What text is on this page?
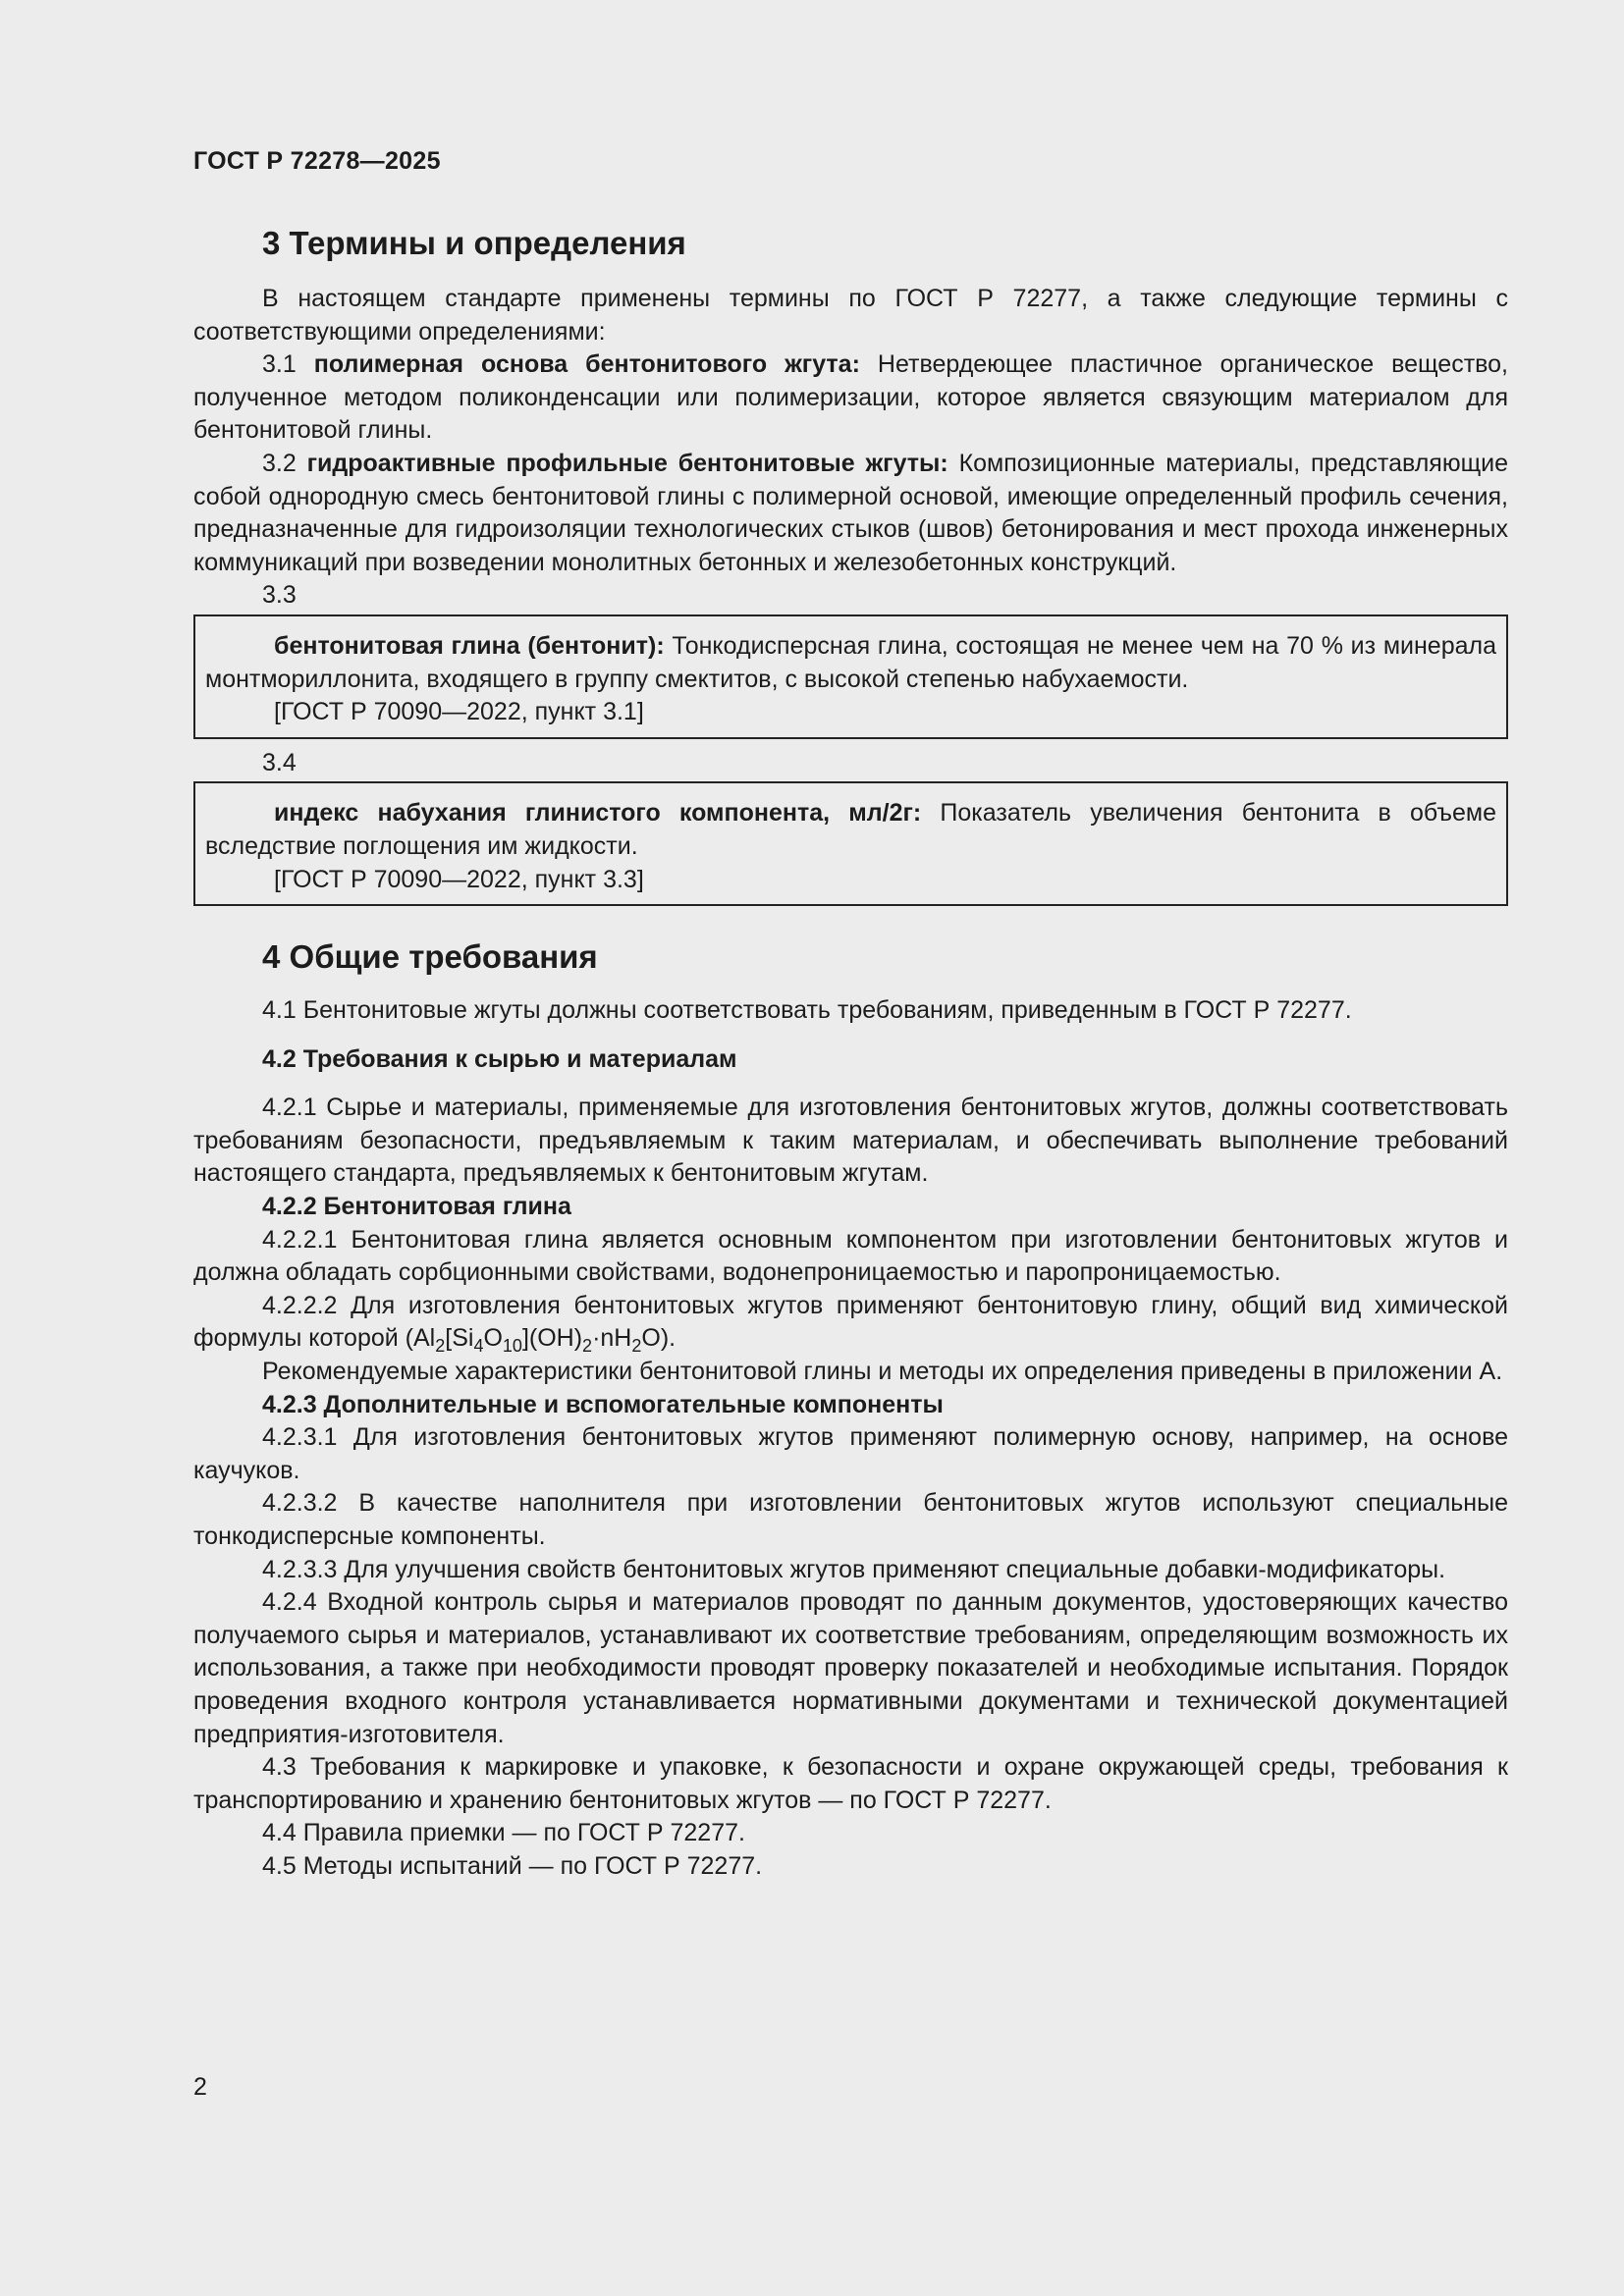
ГОСТ Р 72278—2025
3 Термины и определения

В настоящем стандарте применены термины по ГОСТ Р 72277, а также следующие термины с соответствующими определениями:

3.1 полимерная основа бентонитового жгута: Нетвердеющее пластичное органическое вещество, полученное методом поликонденсации или полимеризации, которое является связующим материалом для бентонитовой глины.

3.2 гидроактивные профильные бентонитовые жгуты: Композиционные материалы, представляющие собой однородную смесь бентонитовой глины с полимерной основой, имеющие определенный профиль сечения, предназначенные для гидроизоляции технологических стыков (швов) бетонирования и мест прохода инженерных коммуникаций при возведении монолитных бетонных и железобетонных конструкций.

3.3

бентонитовая глина (бентонит): Тонкодисперсная глина, состоящая не менее чем на 70 % из минерала монтмориллонита, входящего в группу смектитов, с высокой степенью набухаемости.

[ГОСТ Р 70090—2022, пункт 3.1]

3.4

индекс набухания глинистого компонента, мл/2г: Показатель увеличения бентонита в объеме вследствие поглощения им жидкости.

[ГОСТ Р 70090—2022, пункт 3.3]

4 Общие требования

4.1 Бентонитовые жгуты должны соответствовать требованиям, приведенным в ГОСТ Р 72277.

4.2 Требования к сырью и материалам

4.2.1 Сырье и материалы, применяемые для изготовления бентонитовых жгутов, должны соответствовать требованиям безопасности, предъявляемым к таким материалам, и обеспечивать выполнение требований настоящего стандарта, предъявляемых к бентонитовым жгутам.

4.2.2 Бентонитовая глина

4.2.2.1 Бентонитовая глина является основным компонентом при изготовлении бентонитовых жгутов и должна обладать сорбционными свойствами, водонепроницаемостью и паропроницаемостью.

4.2.2.2 Для изготовления бентонитовых жгутов применяют бентонитовую глину, общий вид химической формулы которой $(Al_2[Si_4O_{10}](OH)_2\cdot nH_2O)$.

Рекомендуемые характеристики бентонитовой глины и методы их определения приведены в приложении А.

4.2.3 Дополнительные и вспомогательные компоненты

4.2.3.1 Для изготовления бентонитовых жгутов применяют полимерную основу, например, на основе каучуков.

4.2.3.2 В качестве наполнителя при изготовлении бентонитовых жгутов используют специальные тонкодисперсные компоненты.

4.2.3.3 Для улучшения свойств бентонитовых жгутов применяют специальные добавки-модификаторы.

4.2.4 Входной контроль сырья и материалов проводят по данным документов, удостоверяющих качество получаемого сырья и материалов, устанавливают их соответствие требованиям, определяющим возможность их использования, а также при необходимости проводят проверку показателей и необходимые испытания. Порядок проведения входного контроля устанавливается нормативными документами и технической документацией предприятия-изготовителя.

4.3 Требования к маркировке и упаковке, к безопасности и охране окружающей среды, требования к транспортированию и хранению бентонитовых жгутов — по ГОСТ Р 72277.

4.4 Правила приемки — по ГОСТ Р 72277.

4.5 Методы испытаний — по ГОСТ Р 72277.

2
